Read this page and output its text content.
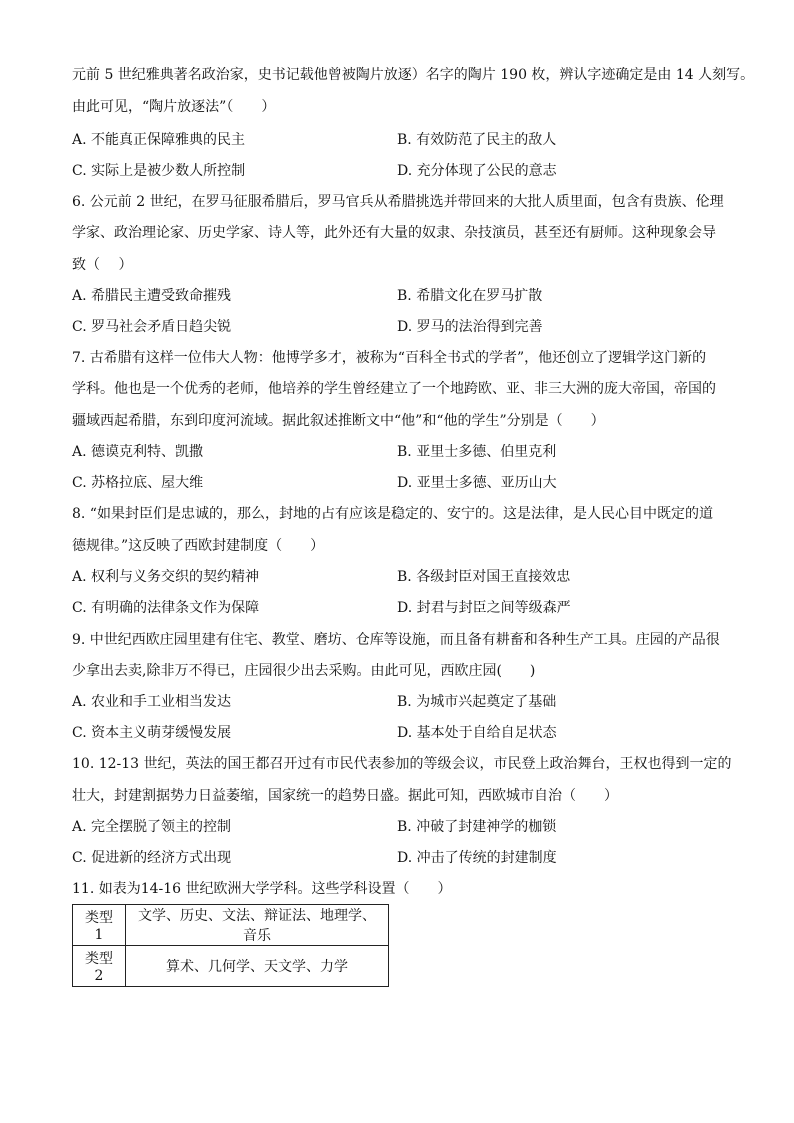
元前 5 世纪雅典著名政治家，史书记载他曾被陶片放逐）名字的陶片 190 枚，辨认字迹确定是由 14 人刻写。
由此可见，“陶片放逐法”（　　）
A. 不能真正保障雅典的民主	B. 有效防范了民主的敌人
C. 实际上是被少数人所控制	D. 充分体现了公民的意志
6. 公元前 2 世纪，在罗马征服希腊后，罗马官兵从希腊挑选并带回来的大批人质里面，包含有贵族、伦理
学家、政治理论家、历史学家、诗人等，此外还有大量的奴隶、杂技演员，甚至还有厨师。这种现象会导
致（　 ）
A. 希腊民主遭受致命摧残	B. 希腊文化在罗马扩散
C. 罗马社会矛盾日趋尖锐	D. 罗马的法治得到完善
7. 古希腊有这样一位伟大人物：他博学多才，被称为“百科全书式的学者”，他还创立了逻辑学这门新的
学科。他也是一个优秀的老师，他培养的学生曾经建立了一个地跨欧、亚、非三大洲的庞大帝国，帝国的
疆域西起希腊，东到印度河流域。据此叙述推断文中“他”和“他的学生”分别是（　　）
A. 德谟克利特、凯撒	B. 亚里士多德、伯里克利
C. 苏格拉底、屋大维	D. 亚里士多德、亚历山大
8. “如果封臣们是忠诚的，那么，封地的占有应该是稳定的、安宁的。这是法律，是人民心目中既定的道
德规律。”这反映了西欧封建制度（　　）
A. 权利与义务交织的契约精神	B. 各级封臣对国王直接效忠
C. 有明确的法律条文作为保障	D. 封君与封臣之间等级森严
9. 中世纪西欧庄园里建有住宅、教堂、磨坊、仓库等设施，而且备有耕畜和各种生产工具。庄园的产品很
少拿出去卖,除非万不得已，庄园很少出去采购。由此可见，西欧庄园(　　)
A. 农业和手工业相当发达	B. 为城市兴起奠定了基础
C. 资本主义萌芽缓慢发展	D. 基本处于自给自足状态
10. 12-13 世纪，英法的国王都召开过有市民代表参加的等级会议，市民登上政治舞台，王权也得到一定的
壮大，封建割据势力日益萎缩，国家统一的趋势日盛。据此可知，西欧城市自治（　　）
A. 完全摆脱了领主的控制	B. 冲破了封建神学的枷锁
C. 促进新的经济方式出现	D. 冲击了传统的封建制度
11. 如表为14-16 世纪欧洲大学学科。这些学科设置（　　）
类型 1	文学、历史、文法、辩证法、地理学、音乐
类型 2	算术、几何学、天文学、力学
